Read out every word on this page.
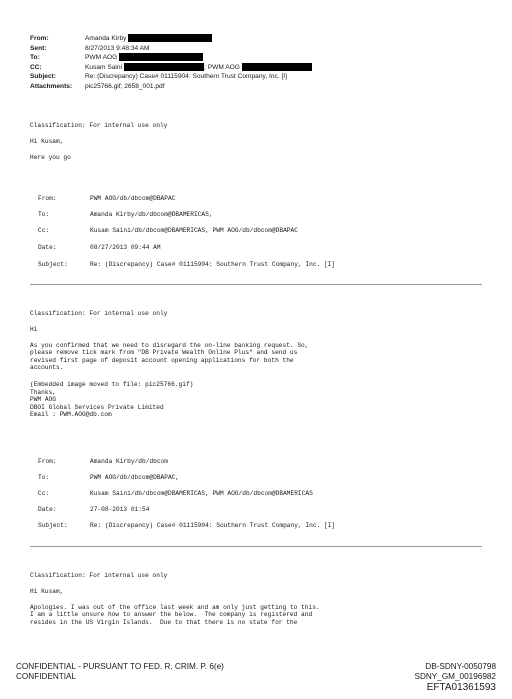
From:	Amanda Kirby
Sent:	8/27/2013 9:48:34 AM
To:	PWM AOG
CC:	Kusam Saini	; PWM AOG
Subject:	Re: (Discrepancy) Case# 01115904: Southern Trust Company, Inc. [I]
Attachments: pic25766.gif; 2658_001.pdf
Classification: For internal use only
Hi Kusam,
Here you go
From:	PWM AOG/db/dbcom@DBAPAC
To:	Amanda Kirby/db/dbcom@DBAMERICAS,
Cc:	Kusam Saini/db/dbcom@DBAMERICAS, PWM AOG/db/dbcom@DBAPAC
Date:	08/27/2013 09:44 AM
Subject:	Re: (Discrepancy) Case# 01115904: Southern Trust Company, Inc. [I]
Classification: For internal use only
Hi
As you confirmed that we need to disregard the on-line banking request. So,
please remove tick mark from "DB Private Wealth Online Plus" and send us
revised first page of deposit account opening applications for both the
accounts.
(Embedded image moved to file: pic25766.gif)
Thanks,
PWM AOG
DBOI Global Services Private Limited
Email : PWM.AOG@db.com
From:	Amanda Kirby/db/dbcom
To:	PWM AOG/db/dbcom@DBAPAC,
Cc:	Kusam Saini/db/dbcom@DBAMERICAS, PWM AOG/db/dbcom@DBAMERICAS
Date:	27-08-2013 01:54
Subject:	Re: (Discrepancy) Case# 01115904: Southern Trust Company, Inc. [I]
Classification: For internal use only
Hi Kusam,
Apologies. I was out of the office last week and am only just getting to this.
I am a little unsure how to answer the below.  The company is registered and
resides in the US Virgin Islands.  Due to that there is no state for the
CONFIDENTIAL - PURSUANT TO FED. R. CRIM. P. 6(e)
CONFIDENTIAL
DB-SDNY-0050798
SDNY_GM_00196982
EFTA01361593
